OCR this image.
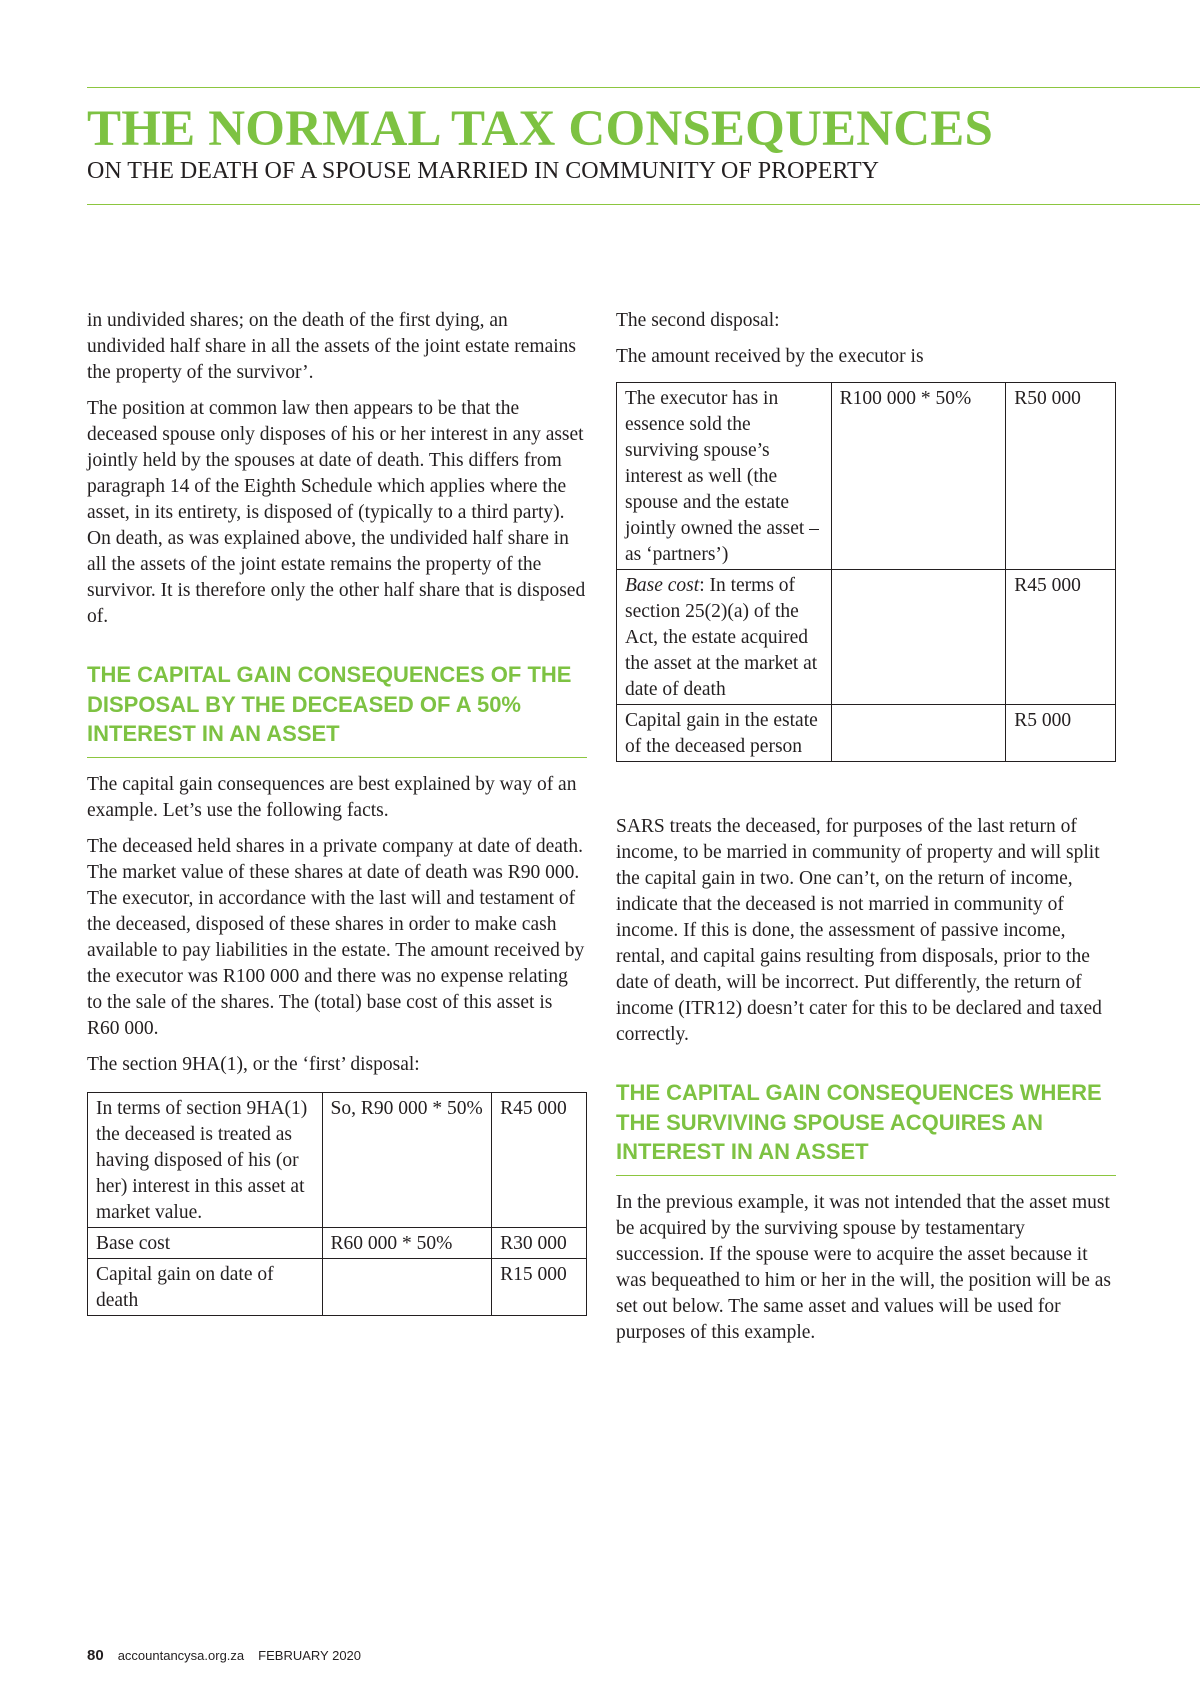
THE NORMAL TAX CONSEQUENCES
ON THE DEATH OF A SPOUSE MARRIED IN COMMUNITY OF PROPERTY

in undivided shares; on the death of the first dying, an undivided half share in all the assets of the joint estate remains the property of the survivor’.

The position at common law then appears to be that the deceased spouse only disposes of his or her interest in any asset jointly held by the spouses at date of death. This differs from paragraph 14 of the Eighth Schedule which applies where the asset, in its entirety, is disposed of (typically to a third party). On death, as was explained above, the undivided half share in all the assets of the joint estate remains the property of the survivor. It is therefore only the other half share that is disposed of.

THE CAPITAL GAIN CONSEQUENCES OF THE DISPOSAL BY THE DECEASED OF A 50% INTEREST IN AN ASSET

The capital gain consequences are best explained by way of an example. Let’s use the following facts.

The deceased held shares in a private company at date of death. The market value of these shares at date of death was R90 000. The executor, in accordance with the last will and testament of the deceased, disposed of these shares in order to make cash available to pay liabilities in the estate. The amount received by the executor was R100 000 and there was no expense relating to the sale of the shares. The (total) base cost of this asset is R60 000.

The section 9HA(1), or the ‘first’ disposal:

In terms of section 9HA(1) the deceased is treated as having disposed of his (or her) interest in this asset at market value.	So, R90 000 * 50%	R45 000
Base cost	R60 000 * 50%	R30 000
Capital gain on date of death		R15 000

The second disposal:

The amount received by the executor is

The executor has in essence sold the surviving spouse’s interest as well (the spouse and the estate jointly owned the asset – as ‘partners’)	R100 000 * 50%	R50 000
Base cost: In terms of section 25(2)(a) of the Act, the estate acquired the asset at the market at date of death		R45 000
Capital gain in the estate of the deceased person		R5 000

SARS treats the deceased, for purposes of the last return of income, to be married in community of property and will split the capital gain in two. One can’t, on the return of income, indicate that the deceased is not married in community of income. If this is done, the assessment of passive income, rental, and capital gains resulting from disposals, prior to the date of death, will be incorrect. Put differently, the return of income (ITR12) doesn’t cater for this to be declared and taxed correctly.

THE CAPITAL GAIN CONSEQUENCES WHERE THE SURVIVING SPOUSE ACQUIRES AN INTEREST IN AN ASSET

In the previous example, it was not intended that the asset must be acquired by the surviving spouse by testamentary succession. If the spouse were to acquire the asset because it was bequeathed to him or her in the will, the position will be as set out below. The same asset and values will be used for purposes of this example.

80 accountancysa.org.za FEBRUARY 2020
